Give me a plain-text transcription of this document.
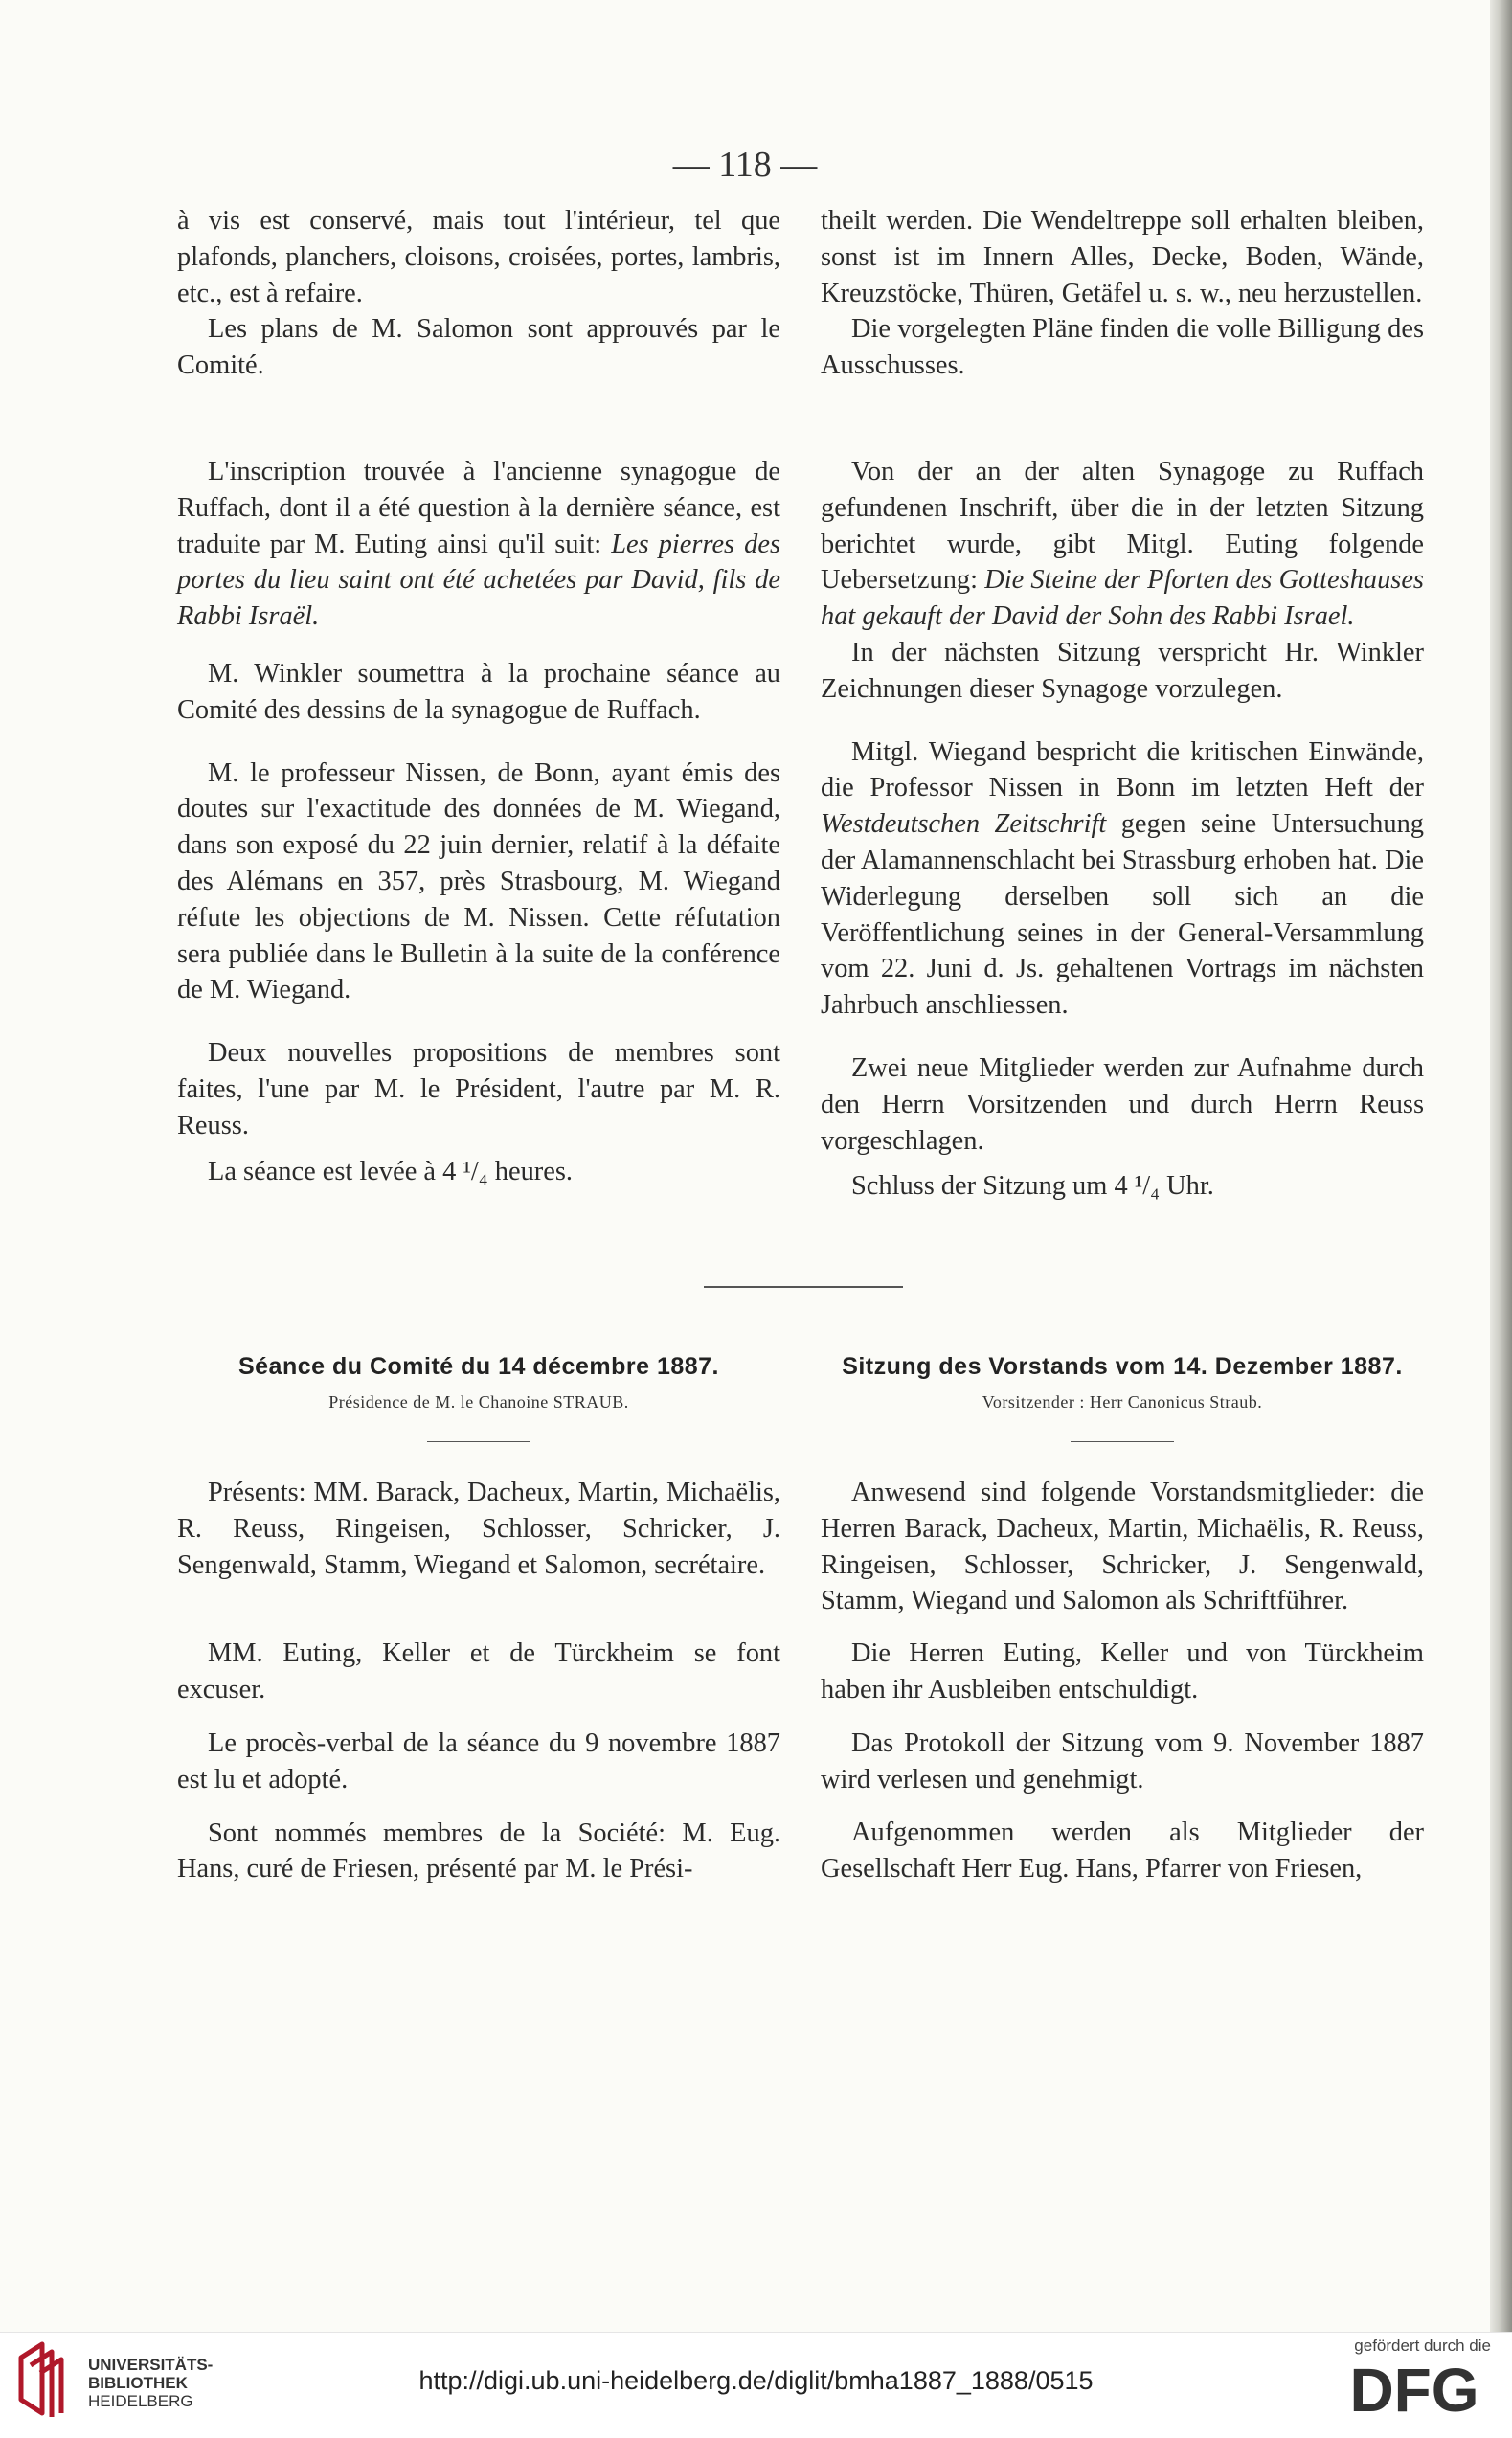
— 118 —

à vis est conservé, mais tout l'intérieur, tel que plafonds, planchers, cloisons, croisées, portes, lambris, etc., est à refaire.

Les plans de M. Salomon sont approuvés par le Comité.

theilt werden. Die Wendeltreppe soll erhalten bleiben, sonst ist im Innern Alles, Decke, Boden, Wände, Kreuzstöcke, Thüren, Getäfel u. s. w., neu herzustellen.

Die vorgelegten Pläne finden die volle Billigung des Ausschusses.

L'inscription trouvée à l'ancienne synagogue de Ruffach, dont il a été question à la dernière séance, est traduite par M. Euting ainsi qu'il suit: Les pierres des portes du lieu saint ont été achetées par David, fils de Rabbi Israël.

M. Winkler soumettra à la prochaine séance au Comité des dessins de la synagogue de Ruffach.

M. le professeur Nissen, de Bonn, ayant émis des doutes sur l'exactitude des données de M. Wiegand, dans son exposé du 22 juin dernier, relatif à la défaite des Alémans en 357, près Strasbourg, M. Wiegand réfute les objections de M. Nissen. Cette réfutation sera publiée dans le Bulletin à la suite de la conférence de M. Wiegand.

Deux nouvelles propositions de membres sont faites, l'une par M. le Président, l'autre par M. R. Reuss.

La séance est levée à 4 ¹/₄ heures.

Von der an der alten Synagoge zu Ruffach gefundenen Inschrift, über die in der letzten Sitzung berichtet wurde, gibt Mitgl. Euting folgende Uebersetzung: Die Steine der Pforten des Gotteshauses hat gekauft der David der Sohn des Rabbi Israel.

In der nächsten Sitzung verspricht Hr. Winkler Zeichnungen dieser Synagoge vorzulegen.

Mitgl. Wiegand bespricht die kritischen Einwände, die Professor Nissen in Bonn im letzten Heft der Westdeutschen Zeitschrift gegen seine Untersuchung der Alamannenschlacht bei Strassburg erhoben hat. Die Widerlegung derselben soll sich an die Veröffentlichung seines in der General-Versammlung vom 22. Juni d. Js. gehaltenen Vortrags im nächsten Jahrbuch anschliessen.

Zwei neue Mitglieder werden zur Aufnahme durch den Herrn Vorsitzenden und durch Herrn Reuss vorgeschlagen.

Schluss der Sitzung um 4 ¹/₄ Uhr.

Séance du Comité du 14 décembre 1887.
Présidence de M. le Chanoine STRAUB.
Sitzung des Vorstands vom 14. Dezember 1887.
Vorsitzender : Herr Canonicus Straub.

Présents: MM. Barack, Dacheux, Martin, Michaëlis, R. Reuss, Ringeisen, Schlosser, Schricker, J. Sengenwald, Stamm, Wiegand et Salomon, secrétaire.

MM. Euting, Keller et de Türckheim se font excuser.

Le procès-verbal de la séance du 9 novembre 1887 est lu et adopté.

Sont nommés membres de la Société: M. Eug. Hans, curé de Friesen, présenté par M. le Prési-

Anwesend sind folgende Vorstandsmitglieder: die Herren Barack, Dacheux, Martin, Michaëlis, R. Reuss, Ringeisen, Schlosser, Schricker, J. Sengenwald, Stamm, Wiegand und Salomon als Schriftführer.

Die Herren Euting, Keller und von Türckheim haben ihr Ausbleiben entschuldigt.

Das Protokoll der Sitzung vom 9. November 1887 wird verlesen und genehmigt.

Aufgenommen werden als Mitglieder der Gesellschaft Herr Eug. Hans, Pfarrer von Friesen,

UNIVERSITÄTS-
BIBLIOTHEK
HEIDELBERG
http://digi.ub.uni-heidelberg.de/diglit/bmha1887_1888/0515
gefördert durch die
DFG
